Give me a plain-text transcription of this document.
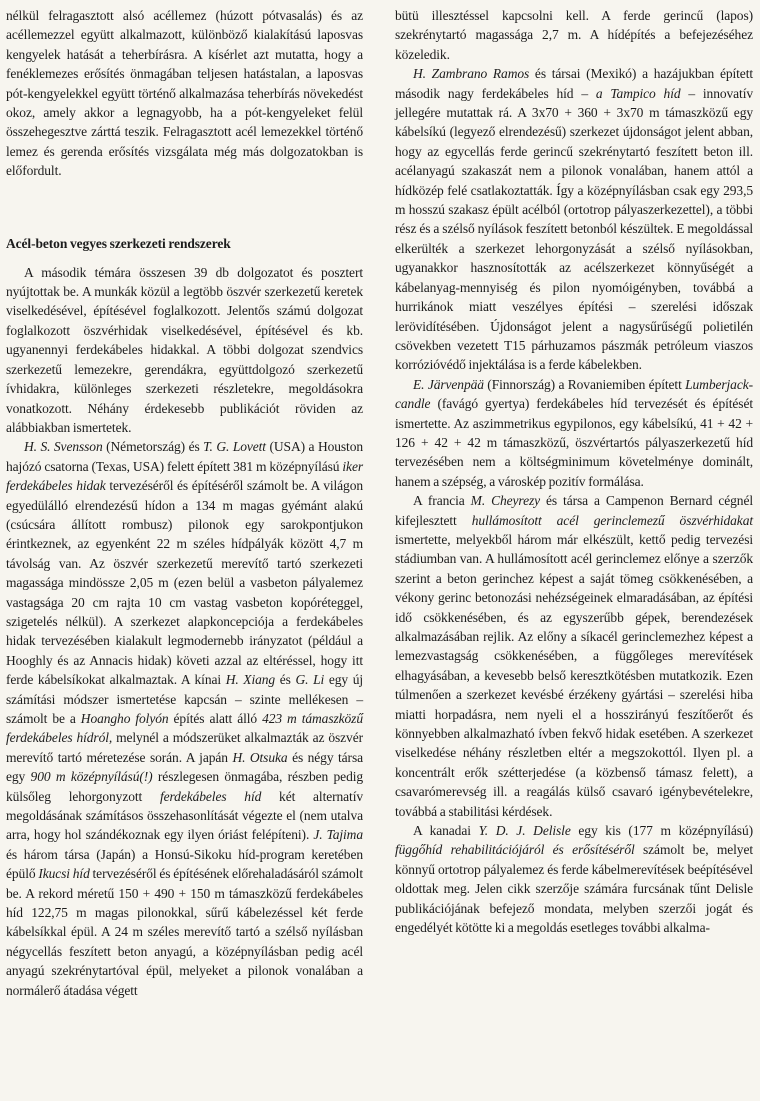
nélkül felragasztott alsó acéllemez (húzott pótvasalás) és az acéllemezzel együtt alkalmazott, különböző kialakítású laposvas kengyelek hatását a teherbírásra. A kísérlet azt mutatta, hogy a fenéklemezes erősítés önmagában teljesen hatástalan, a laposvas pót-kengyelekkel együtt történő alkalmazása teherbírás növekedést okoz, amely akkor a legnagyobb, ha a pót-kengyeleket felül összehegesztve zárttá teszik. Felragasztott acél lemezekkel történő lemez és gerenda erősítés vizsgálata még más dolgozatokban is előfordult.

Acél-beton vegyes szerkezeti rendszerek

A második témára összesen 39 db dolgozatot és posztert nyújtottak be. A munkák közül a legtöbb öszvér szerkezetű keretek viselkedésével, építésével foglalkozott. Jelentős számú dolgozat foglalkozott öszvérhidak viselkedésével, építésével és kb. ugyanennyi ferdekábeles hidakkal. A többi dolgozat szendvics szerkezetű lemezekre, gerendákra, együttdolgozó szerkezetű ívhidakra, különleges szerkezeti részletekre, megoldásokra vonatkozott. Néhány érdekesebb publikációt röviden az alábbiakban ismertetek.

H. S. Svensson (Németország) és T. G. Lovett (USA) a Houston hajózó csatorna (Texas, USA) felett épített 381 m középnyílású iker ferdekábeles hidak tervezéséről és építéséről számolt be. A világon egyedülálló elrendezésű hídon a 134 m magas gyémánt alakú (csúcsára állított rombusz) pilonok egy sarokpontjukon érintkeznek, az egyenként 22 m széles hídpályák között 4,7 m távolság van. Az öszvér szerkezetű merevítő tartó szerkezeti magassága mindössze 2,05 m (ezen belül a vasbeton pályalemez vastagsága 20 cm rajta 10 cm vastag vasbeton kopóréteggel, szigetelés nélkül). A szerkezet alapkoncepciója a ferdekábeles hidak tervezésében kialakult legmodernebb irányzatot (például a Hooghly és az Annacis hidak) követi azzal az eltéréssel, hogy itt ferde kábelsíkokat alkalmaztak. A kínai H. Xiang és G. Li egy új számítási módszer ismertetése kapcsán – szinte mellékesen – számolt be a Hoangho folyón építés alatt álló 423 m támaszközű ferdekábeles hídról, melynél a módszerüket alkalmazták az öszvér merevítő tartó méretezése során. A japán H. Otsuka és négy társa egy 900 m középnyílású(!) részlegesen önmagába, részben pedig külsőleg lehorgonyzott ferdekábeles híd két alternatív megoldásának számításos összehasonlítását végezte el (nem utalva arra, hogy hol szándékoznak egy ilyen óriást felépíteni). J. Tajima és három társa (Japán) a Honsú-Sikoku híd-program keretében épülő Ikucsi híd tervezéséről és építésének előrehaladásáról számolt be. A rekord méretű 150 + 490 + 150 m támaszközű ferdekábeles híd 122,75 m magas pilonokkal, sűrű kábelezéssel két ferde kábelsíkkal épül. A 24 m széles merevítő tartó a szélső nyílásban négycellás feszített beton anyagú, a középnyílásban pedig acél anyagú szekrénytartóval épül, melyeket a pilonok vonalában a normálerő átadása végett

bütü illesztéssel kapcsolni kell. A ferde gerincű (lapos) szekrénytartó magassága 2,7 m. A hídépítés a befejezéséhez közeledik.

H. Zambrano Ramos és társai (Mexikó) a hazájukban épített második nagy ferdekábeles híd – a Tampico híd – innovatív jellegére mutattak rá. A 3x70 + 360 + 3x70 m támaszközű egy kábelsíkú (legyező elrendezésű) szerkezet újdonságot jelent abban, hogy az egycellás ferde gerincű szekrénytartó feszített beton ill. acélanyagú szakaszát nem a pilonok vonalában, hanem attól a hídközép felé csatlakoztatták. Így a középnyílásban csak egy 293,5 m hosszú szakasz épült acélból (ortotrop pályaszerkezettel), a többi rész és a szélső nyílások feszített betonból készültek. E megoldással elkerülték a szerkezet lehorgonyzását a szélső nyílásokban, ugyanakkor hasznosították az acélszerkezet könnyűségét a kábelanyag-mennyiség és pilon nyomóigényben, továbbá a hurrikánok miatt veszélyes építési – szerelési időszak lerövidítésében. Újdonságot jelent a nagysűrűségű polietilén csövekben vezetett T15 párhuzamos pászmák petróleum viaszos korrózióvédő injektálása is a ferde kábelekben.

E. Järvenpää (Finnország) a Rovaniemiben épített Lumberjack-candle (favágó gyertya) ferdekábeles híd tervezését és építését ismertette. Az aszimmetrikus egypilonos, egy kábelsíkú, 41 + 42 + 126 + 42 + 42 m támaszközű, öszvértartós pályaszerkezetű híd tervezésében nem a költségminimum követelménye dominált, hanem a szépség, a városkép pozitív formálása.

A francia M. Cheyrezy és társa a Campenon Bernard cégnél kifejlesztett hullámosított acél gerinclemezű öszvérhidakat ismertette, melyekből három már elkészült, kettő pedig tervezési stádiumban van. A hullámosított acél gerinclemez előnye a szerzők szerint a beton gerinchez képest a saját tömeg csökkenésében, a vékony gerinc betonozási nehézségeinek elmaradásában, az építési idő csökkenésében, és az egyszerűbb gépek, berendezések alkalmazásában rejlik. Az előny a síkacél gerinclemezhez képest a lemezvastagság csökkenésében, a függőleges merevítések elhagyásában, a kevesebb belső keresztkötésben mutatkozik. Ezen túlmenően a szerkezet kevésbé érzékeny gyártási – szerelési hiba miatti horpadásra, nem nyeli el a hosszirányú feszítőerőt és könnyebben alkalmazható ívben fekvő hidak esetében. A szerkezet viselkedése néhány részletben eltér a megszokottól. Ilyen pl. a koncentrált erők szétterjedése (a közbenső támasz felett), a csavarómerevség ill. a reagálás külső csavaró igénybevételekre, továbbá a stabilitási kérdések.

A kanadai Y. D. J. Delisle egy kis (177 m középnyílású) függőhíd rehabilitációjáról és erősítéséről számolt be, melyet könnyű ortotrop pályalemez és ferde kábelmerevítések beépítésével oldottak meg. Jelen cikk szerzője számára furcsának tűnt Delisle publikációjának befejező mondata, melyben szerzői jogát és engedélyét kötötte ki a megoldás esetleges további alkalma-
